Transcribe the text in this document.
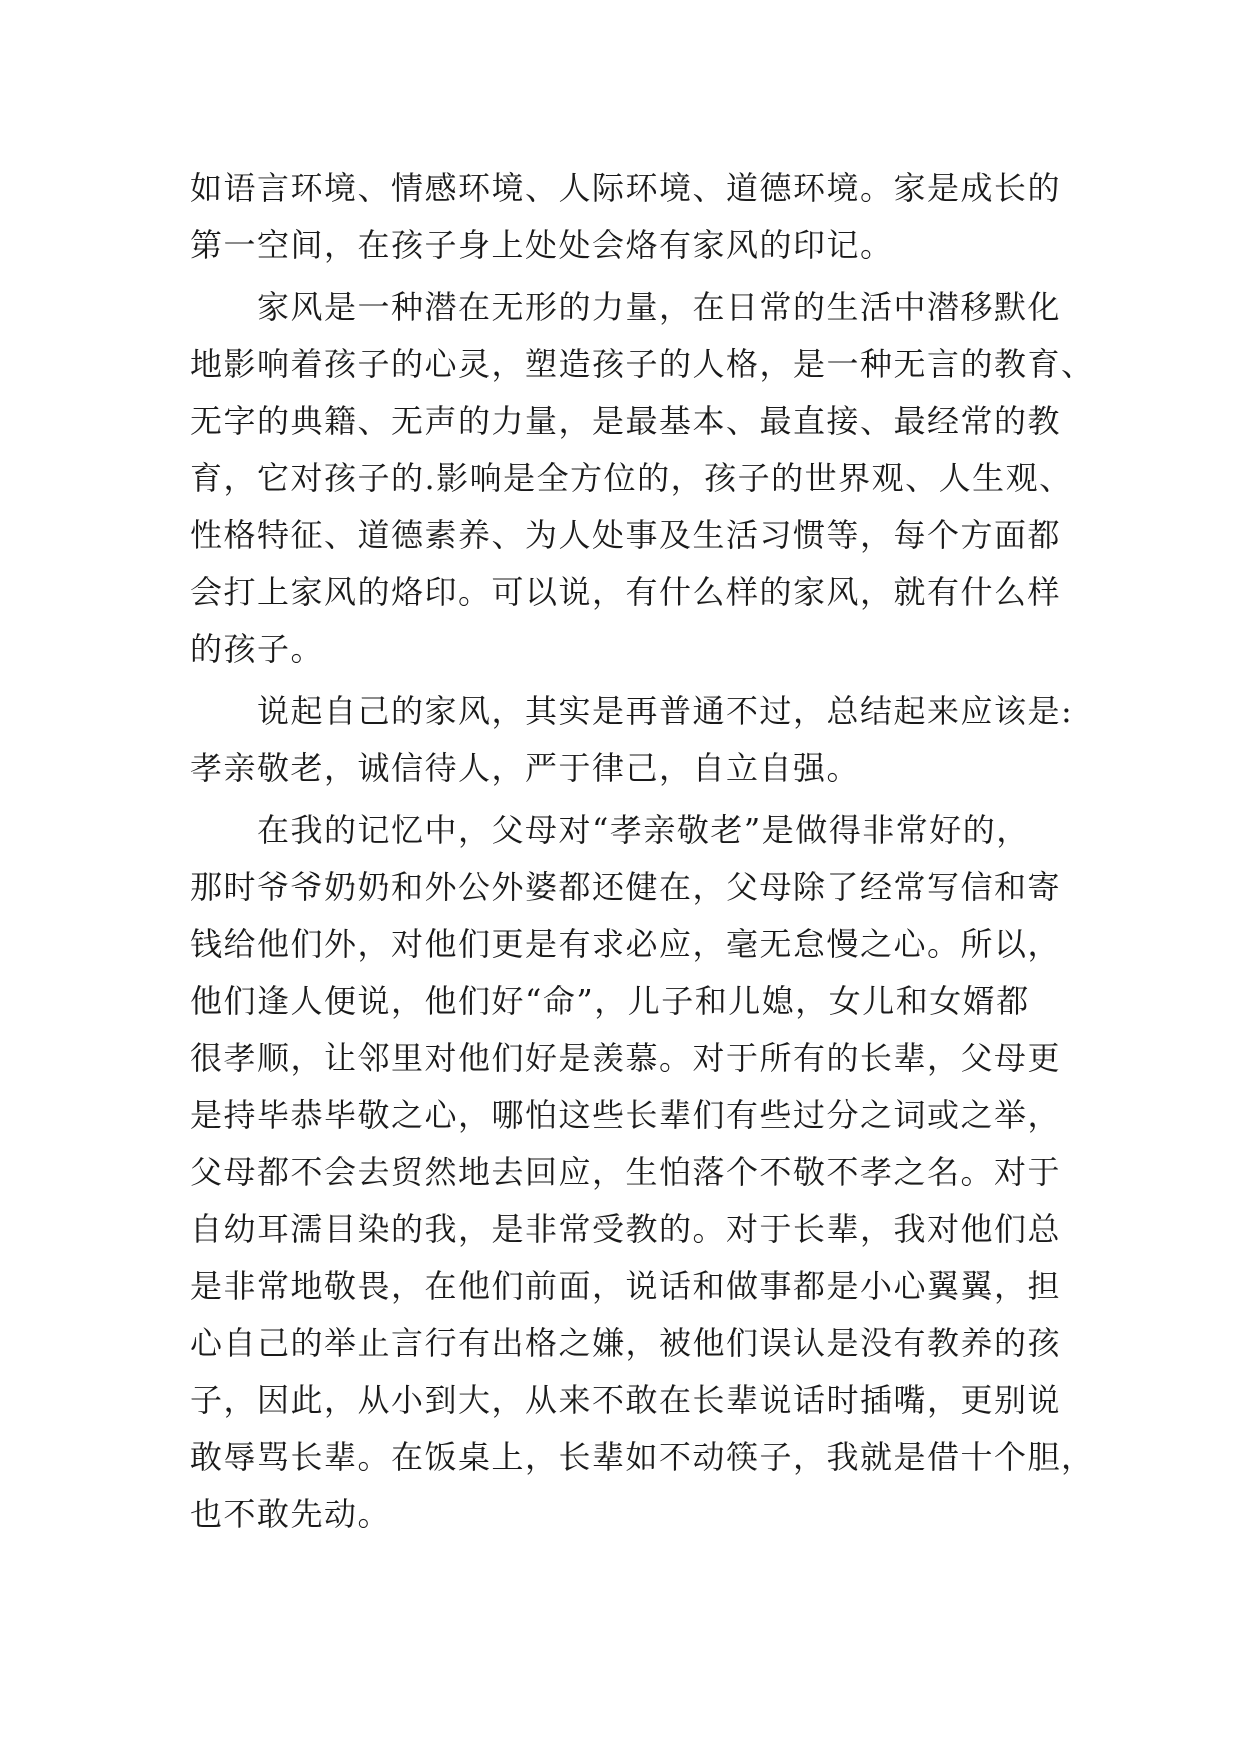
如语言环境、情感环境、人际环境、道德环境。家是成长的
第一空间，在孩子身上处处会烙有家风的印记。
　　家风是一种潜在无形的力量，在日常的生活中潜移默化
地影响着孩子的心灵，塑造孩子的人格，是一种无言的教育、
无字的典籍、无声的力量，是最基本、最直接、最经常的教
育，它对孩子的.影响是全方位的，孩子的世界观、人生观、
性格特征、道德素养、为人处事及生活习惯等，每个方面都
会打上家风的烙印。可以说，有什么样的家风，就有什么样
的孩子。
　　说起自己的家风，其实是再普通不过，总结起来应该是:
孝亲敬老，诚信待人，严于律己，自立自强。
　　在我的记忆中，父母对“孝亲敬老”是做得非常好的，
那时爷爷奶奶和外公外婆都还健在，父母除了经常写信和寄
钱给他们外，对他们更是有求必应，毫无怠慢之心。所以，
他们逢人便说，他们好“命”，儿子和儿媳，女儿和女婿都
很孝顺，让邻里对他们好是羡慕。对于所有的长辈，父母更
是持毕恭毕敬之心，哪怕这些长辈们有些过分之词或之举，
父母都不会去贸然地去回应，生怕落个不敬不孝之名。对于
自幼耳濡目染的我，是非常受教的。对于长辈，我对他们总
是非常地敬畏，在他们前面，说话和做事都是小心翼翼，担
心自己的举止言行有出格之嫌，被他们误认是没有教养的孩
子，因此，从小到大，从来不敢在长辈说话时插嘴，更别说
敢辱骂长辈。在饭桌上，长辈如不动筷子，我就是借十个胆，
也不敢先动。
